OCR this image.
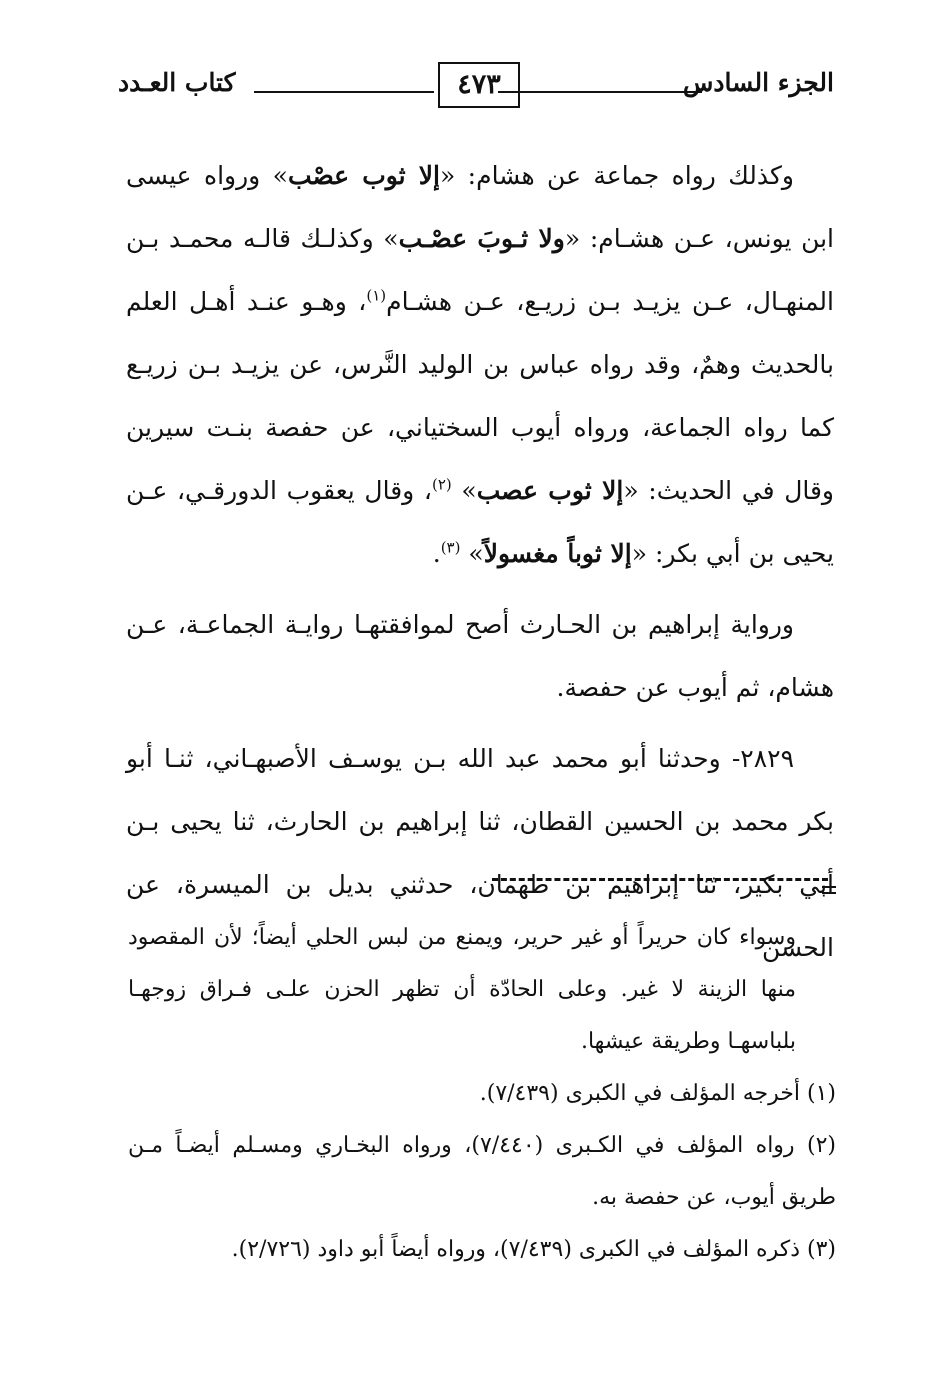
الجزء السادس
٤٧٣
كتاب العـدد

وكذلك رواه جماعة عن هشام: «إلا ثوب عصْب» ورواه عيسى ابن يونس، عـن هشـام: «ولا ثـوبَ عصْـب» وكذلـك قالـه محمـد بـن المنهـال، عـن يزيـد بـن زريـع، عـن هشـام$^{(١)}$، وهـو عنـد أهـل العلم بالحديث وهمٌ، وقد رواه عباس بن الوليد النَّرس، عن يزيـد بـن زريـع كما رواه الجماعة، ورواه أيوب السختياني، عن حفصة بنـت سيرين وقال في الحديث: «إلا ثوب عصب» $^{(٢)}$، وقال يعقوب الدورقـي، عـن يحيى بن أبي بكر: «إلا ثوباً مغسولاً» $^{(٣)}$.

ورواية إبراهيم بن الحـارث أصح لموافقتهـا روايـة الجماعـة، عـن هشام، ثم أيوب عن حفصة.

٢٨٢٩- وحدثنا أبو محمد عبد الله بـن يوسـف الأصبهـاني، ثنـا أبو بكر محمد بن الحسين القطان، ثنا إبراهيم بن الحارث، ثنا يحيى بـن أبي بكير، ثنا إبراهيم بن طهمان، حدثني بديل بن الميسرة، عن الحسن

وسواء كان حريراً أو غير حرير، ويمنع من لبس الحلي أيضاً؛ لأن المقصود منها الزينة لا غير. وعلى الحادّة أن تظهر الحزن علـى فـراق زوجهـا بلباسهـا وطريقة عيشها.

(١) أخرجه المؤلف في الكبرى (٧/٤٣٩).

(٢) رواه المؤلف في الكـبرى (٧/٤٤٠)، ورواه البخـاري ومسـلم أيضـاً مـن طريق أيوب، عن حفصة به.

(٣) ذكره المؤلف في الكبرى (٧/٤٣٩)، ورواه أيضاً أبو داود (٢/٧٢٦).
